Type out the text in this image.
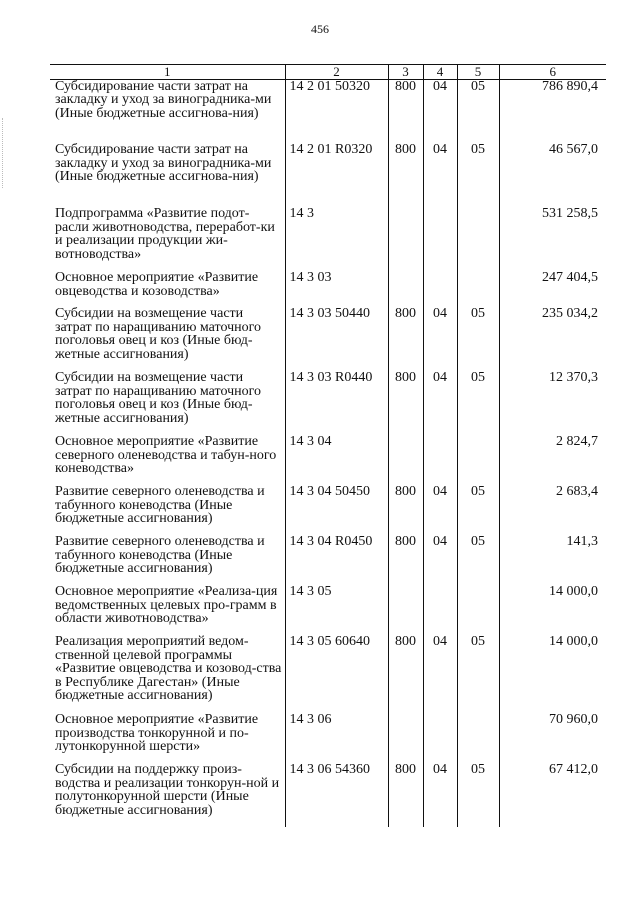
456
1	2	3	4	5	6
Субсидирование части затрат на закладку и уход за виноградника-ми (Иные бюджетные ассигнова-ния)	14 2 01 50320	800	04	05	786 890,4
Субсидирование части затрат на закладку и уход за виноградника-ми (Иные бюджетные ассигнова-ния)	14 2 01 R0320	800	04	05	46 567,0
Подпрограмма «Развитие подот-расли животноводства, переработ-ки и реализации продукции жи-вотноводства»	14 3				531 258,5
Основное мероприятие «Развитие овцеводства и козоводства»	14 3 03				247 404,5
Субсидии на возмещение части затрат по наращиванию маточного поголовья овец и коз (Иные бюд-жетные ассигнования)	14 3 03 50440	800	04	05	235 034,2
Субсидии на возмещение части затрат по наращиванию маточного поголовья овец и коз (Иные бюд-жетные ассигнования)	14 3 03 R0440	800	04	05	12 370,3
Основное мероприятие «Развитие северного оленеводства и табун-ного коневодства»	14 3 04				2 824,7
Развитие северного оленеводства и табунного коневодства (Иные бюджетные ассигнования)	14 3 04 50450	800	04	05	2 683,4
Развитие северного оленеводства и табунного коневодства (Иные бюджетные ассигнования)	14 3 04 R0450	800	04	05	141,3
Основное мероприятие «Реализа-ция ведомственных целевых про-грамм в области животноводства»	14 3 05				14 000,0
Реализация мероприятий ведом-ственной целевой программы «Развитие овцеводства и козовод-ства в Республике Дагестан» (Иные бюджетные ассигнования)	14 3 05 60640	800	04	05	14 000,0
Основное мероприятие «Развитие производства тонкорунной и по-лутонкорунной шерсти»	14 3 06				70 960,0
Субсидии на поддержку произ-водства и реализации тонкорун-ной и полутонкорунной шерсти (Иные бюджетные ассигнования)	14 3 06 54360	800	04	05	67 412,0
